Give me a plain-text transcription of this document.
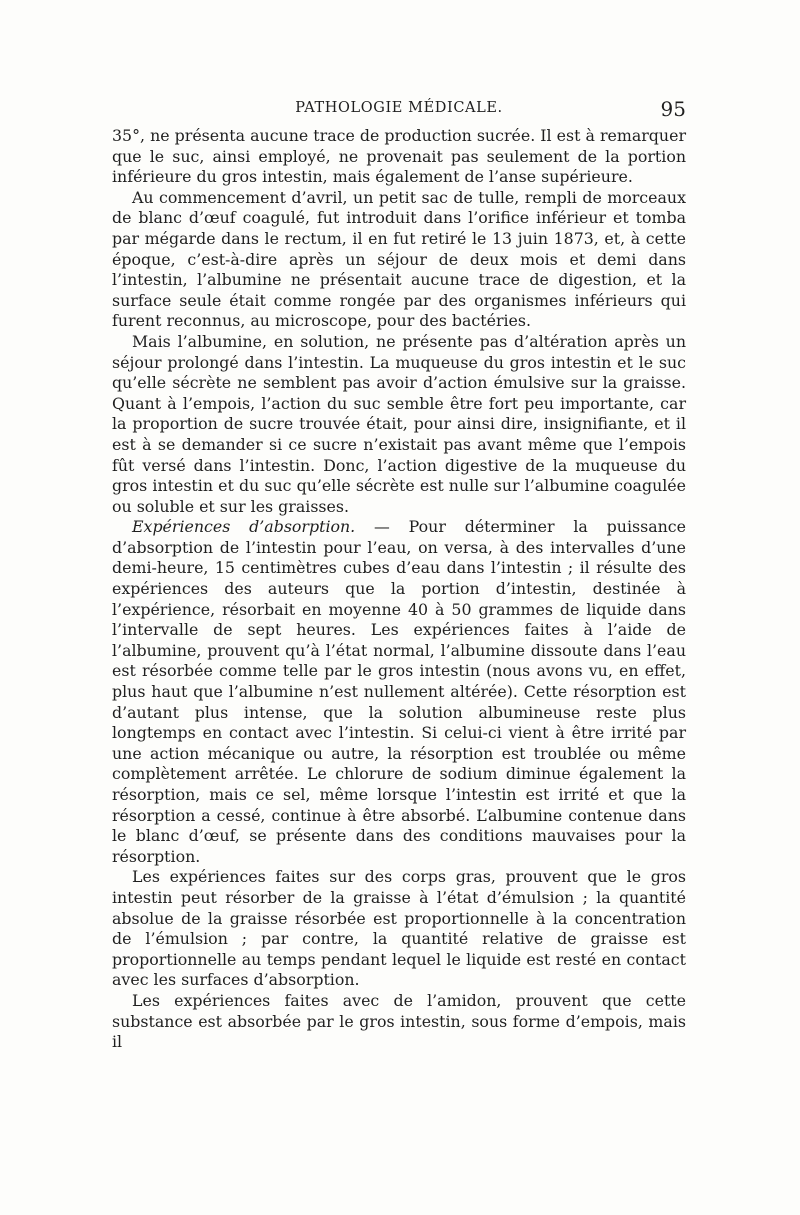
PATHOLOGIE MÉDICALE.	95

35°, ne présenta aucune trace de production sucrée. Il est à remarquer que le suc, ainsi employé, ne provenait pas seulement de la portion inférieure du gros intestin, mais également de l’anse supérieure.

Au commencement d’avril, un petit sac de tulle, rempli de morceaux de blanc d’œuf coagulé, fut introduit dans l’orifice inférieur et tomba par mégarde dans le rectum, il en fut retiré le 13 juin 1873, et, à cette époque, c’est-à-dire après un séjour de deux mois et demi dans l’intestin, l’albumine ne présentait aucune trace de digestion, et la surface seule était comme rongée par des organismes inférieurs qui furent reconnus, au microscope, pour des bactéries.

Mais l’albumine, en solution, ne présente pas d’altération après un séjour prolongé dans l’intestin. La muqueuse du gros intestin et le suc qu’elle sécrète ne semblent pas avoir d’action émulsive sur la graisse. Quant à l’empois, l’action du suc semble être fort peu importante, car la proportion de sucre trouvée était, pour ainsi dire, insignifiante, et il est à se demander si ce sucre n’existait pas avant même que l’empois fût versé dans l’intestin. Donc, l’action digestive de la muqueuse du gros intestin et du suc qu’elle sécrète est nulle sur l’albumine coagulée ou soluble et sur les graisses.

Expériences d’absorption. — Pour déterminer la puissance d’absorption de l’intestin pour l’eau, on versa, à des intervalles d’une demi-heure, 15 centimètres cubes d’eau dans l’intestin ; il résulte des expériences des auteurs que la portion d’intestin, destinée à l’expérience, résorbait en moyenne 40 à 50 grammes de liquide dans l’intervalle de sept heures. Les expériences faites à l’aide de l’albumine, prouvent qu’à l’état normal, l’albumine dissoute dans l’eau est résorbée comme telle par le gros intestin (nous avons vu, en effet, plus haut que l’albumine n’est nullement altérée). Cette résorption est d’autant plus intense, que la solution albumineuse reste plus longtemps en contact avec l’intestin. Si celui-ci vient à être irrité par une action mécanique ou autre, la résorption est troublée ou même complètement arrêtée. Le chlorure de sodium diminue également la résorption, mais ce sel, même lorsque l’intestin est irrité et que la résorption a cessé, continue à être absorbé. L’albumine contenue dans le blanc d’œuf, se présente dans des conditions mauvaises pour la résorption.

Les expériences faites sur des corps gras, prouvent que le gros intestin peut résorber de la graisse à l’état d’émulsion ; la quantité absolue de la graisse résorbée est proportionnelle à la concentration de l’émulsion ; par contre, la quantité relative de graisse est proportionnelle au temps pendant lequel le liquide est resté en contact avec les surfaces d’absorption.

Les expériences faites avec de l’amidon, prouvent que cette substance est absorbée par le gros intestin, sous forme d’empois, mais il
